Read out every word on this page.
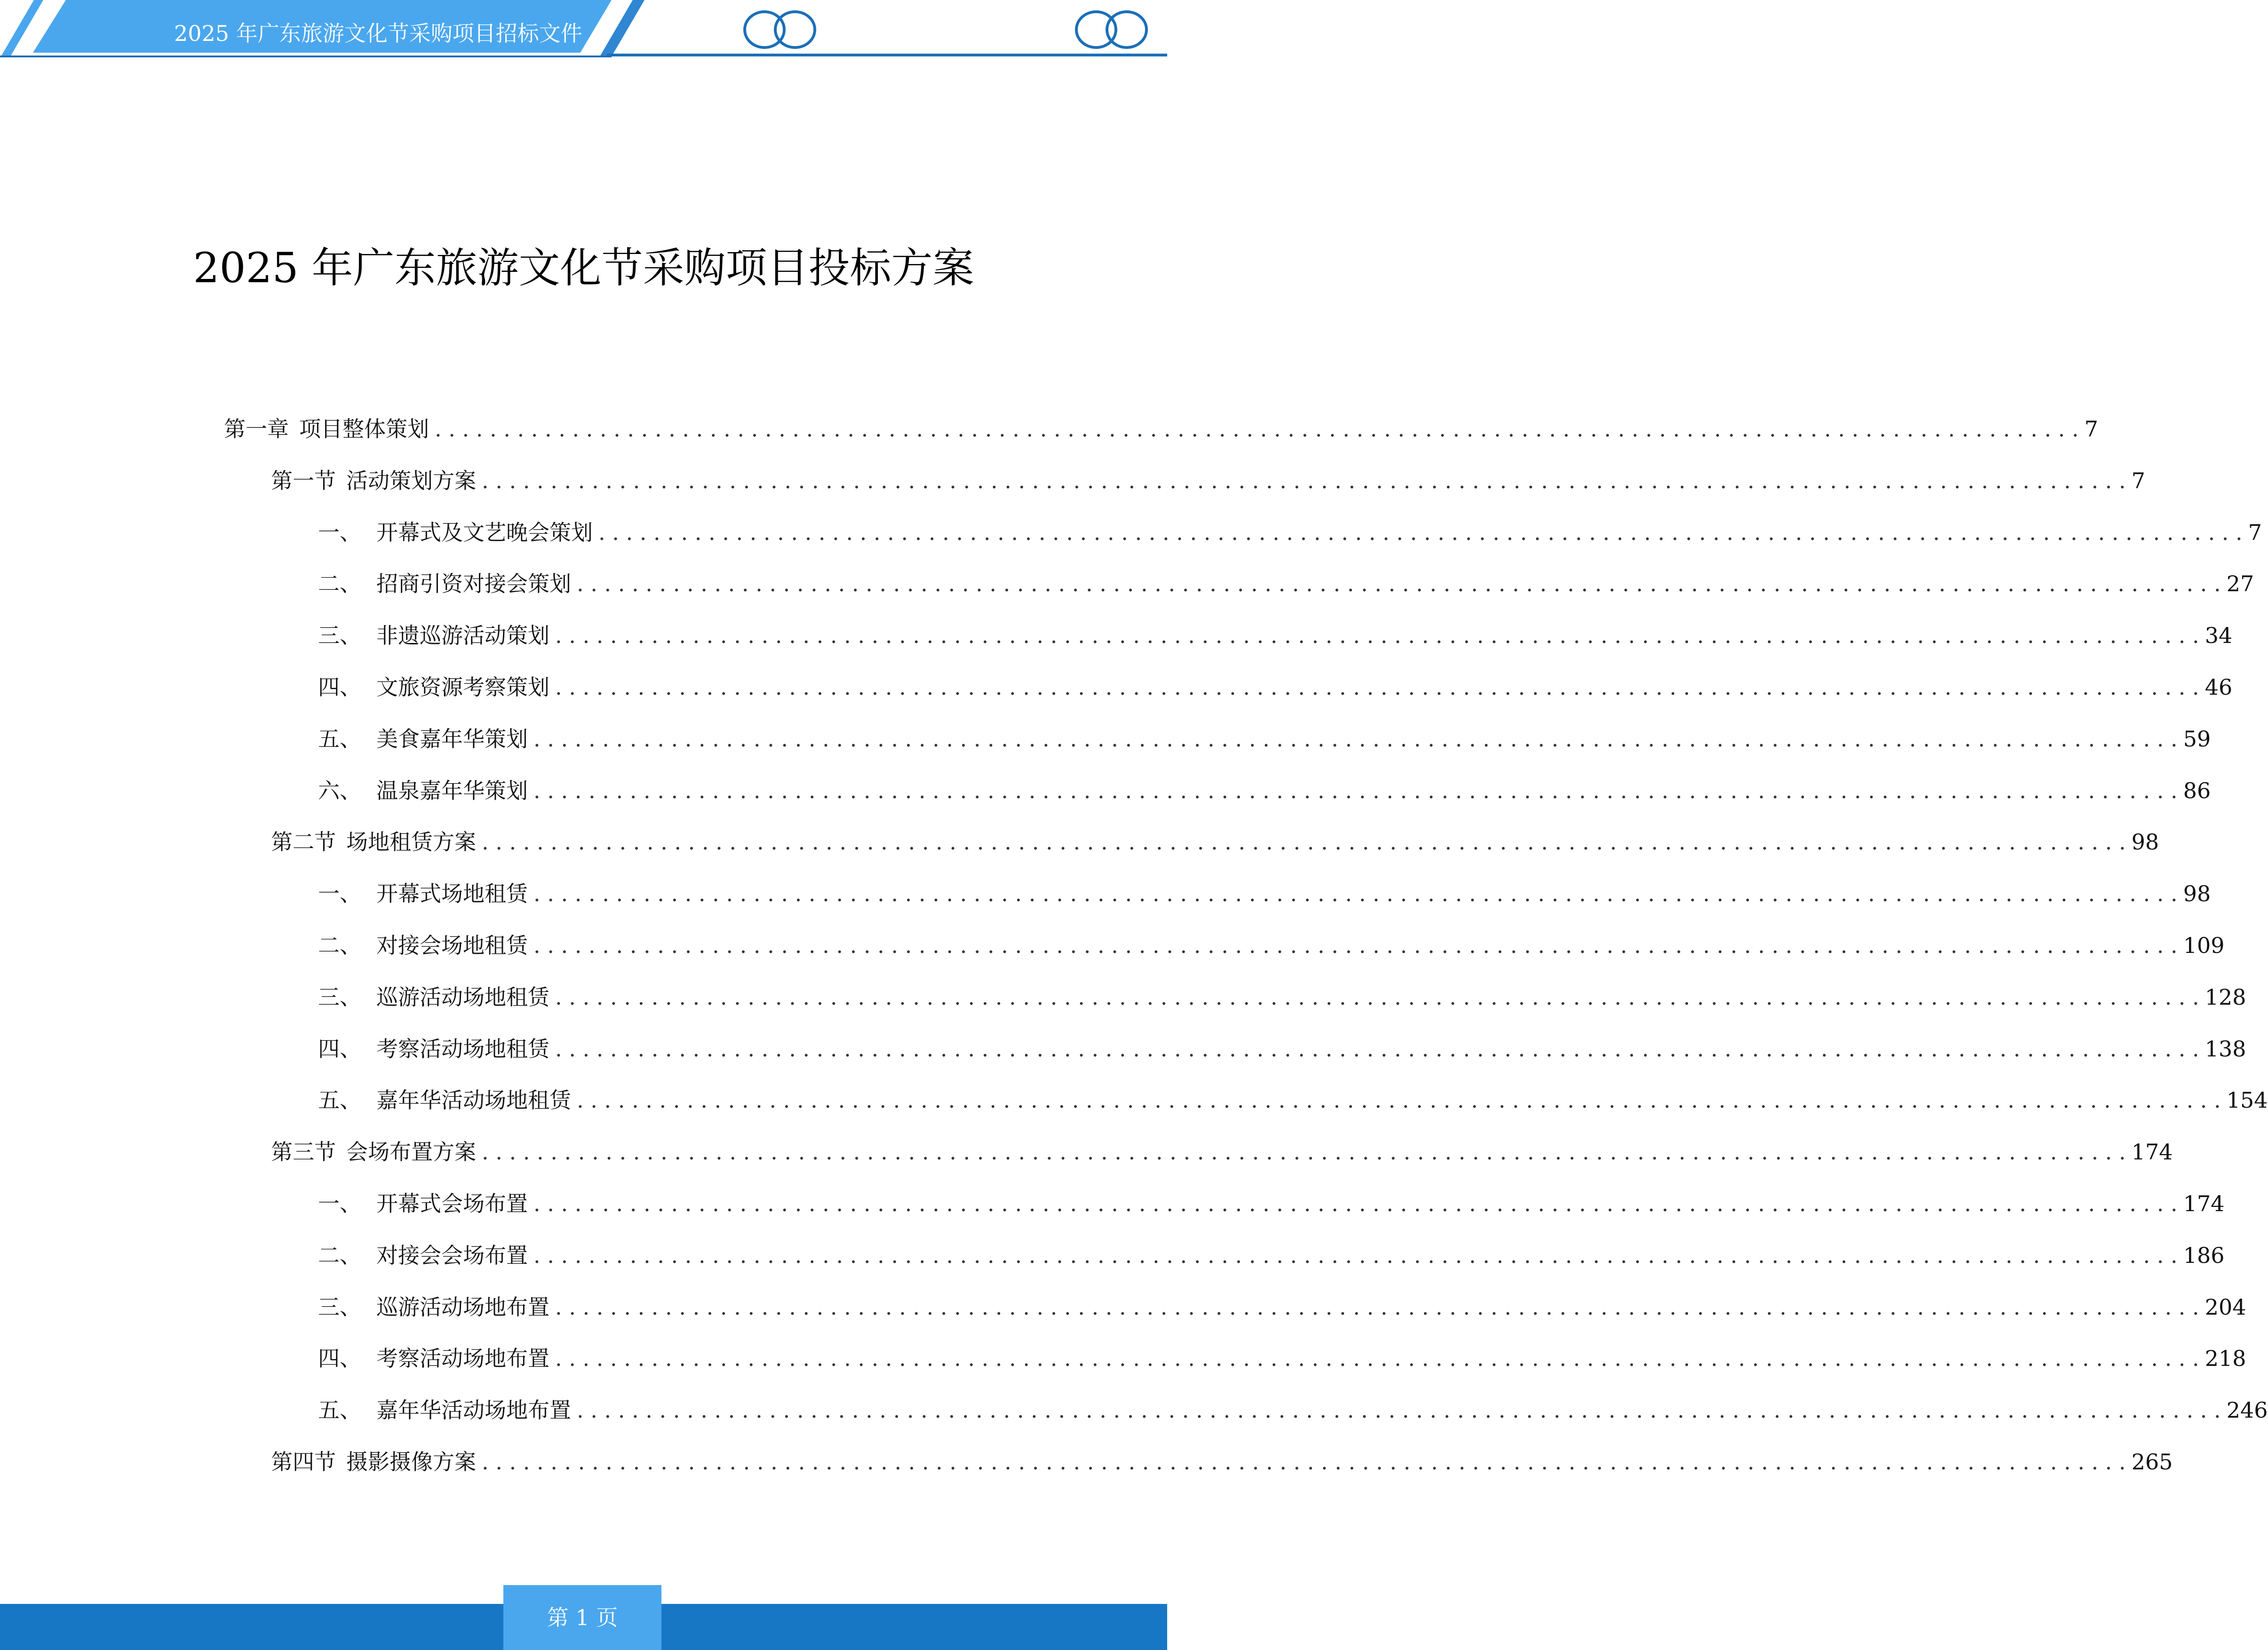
2025 年广东旅游文化节采购项目招标文件
2025 年广东旅游文化节采购项目投标方案
第一章 项目整体策划 . . . . . . . . . . . . . . . . . . . . . . . . . . . . . . . . . . . . . . . . . . . . . . . . . . . . . . . . . . . . . . . . . . . . . . . . . . . . . . . . . . . . . . . . . . . . . . . . . . . . . . . . . . . . . . . . . . . . . . . . 7
第一节 活动策划方案 . . . . . . . . . . . . . . . . . . . . . . . . . . . . . . . . . . . . . . . . . . . . . . . . . . . . . . . . . . . . . . . . . . . . . . . . . . . . . . . . . . . . . . . . . . . . . . . . . . . . . . . . . . . . . . . . . . . . . . . . 7
一、 开幕式及文艺晚会策划 . . . . . . . . . . . . . . . . . . . . . . . . . . . . . . . . . . . . . . . . . . . . . . . . . . . . . . . . . . . . . . . . . . . . . . . . . . . . . . . . . . . . . . . . . . . . . . . . . . . . . . . . . . . . . . . . . . . . . . . . 7
二、 招商引资对接会策划 . . . . . . . . . . . . . . . . . . . . . . . . . . . . . . . . . . . . . . . . . . . . . . . . . . . . . . . . . . . . . . . . . . . . . . . . . . . . . . . . . . . . . . . . . . . . . . . . . . . . . . . . . . . . . . . . . . . . . . . . 27
三、 非遗巡游活动策划 . . . . . . . . . . . . . . . . . . . . . . . . . . . . . . . . . . . . . . . . . . . . . . . . . . . . . . . . . . . . . . . . . . . . . . . . . . . . . . . . . . . . . . . . . . . . . . . . . . . . . . . . . . . . . . . . . . . . . . . . 34
四、 文旅资源考察策划 . . . . . . . . . . . . . . . . . . . . . . . . . . . . . . . . . . . . . . . . . . . . . . . . . . . . . . . . . . . . . . . . . . . . . . . . . . . . . . . . . . . . . . . . . . . . . . . . . . . . . . . . . . . . . . . . . . . . . . . . 46
五、 美食嘉年华策划 . . . . . . . . . . . . . . . . . . . . . . . . . . . . . . . . . . . . . . . . . . . . . . . . . . . . . . . . . . . . . . . . . . . . . . . . . . . . . . . . . . . . . . . . . . . . . . . . . . . . . . . . . . . . . . . . . . . . . . . . 59
六、 温泉嘉年华策划 . . . . . . . . . . . . . . . . . . . . . . . . . . . . . . . . . . . . . . . . . . . . . . . . . . . . . . . . . . . . . . . . . . . . . . . . . . . . . . . . . . . . . . . . . . . . . . . . . . . . . . . . . . . . . . . . . . . . . . . . 86
第二节 场地租赁方案 . . . . . . . . . . . . . . . . . . . . . . . . . . . . . . . . . . . . . . . . . . . . . . . . . . . . . . . . . . . . . . . . . . . . . . . . . . . . . . . . . . . . . . . . . . . . . . . . . . . . . . . . . . . . . . . . . . . . . . . . 98
一、 开幕式场地租赁 . . . . . . . . . . . . . . . . . . . . . . . . . . . . . . . . . . . . . . . . . . . . . . . . . . . . . . . . . . . . . . . . . . . . . . . . . . . . . . . . . . . . . . . . . . . . . . . . . . . . . . . . . . . . . . . . . . . . . . . . 98
二、 对接会场地租赁 . . . . . . . . . . . . . . . . . . . . . . . . . . . . . . . . . . . . . . . . . . . . . . . . . . . . . . . . . . . . . . . . . . . . . . . . . . . . . . . . . . . . . . . . . . . . . . . . . . . . . . . . . . . . . . . . . . . . . . . . 109
三、 巡游活动场地租赁 . . . . . . . . . . . . . . . . . . . . . . . . . . . . . . . . . . . . . . . . . . . . . . . . . . . . . . . . . . . . . . . . . . . . . . . . . . . . . . . . . . . . . . . . . . . . . . . . . . . . . . . . . . . . . . . . . . . . . . . . 128
四、 考察活动场地租赁 . . . . . . . . . . . . . . . . . . . . . . . . . . . . . . . . . . . . . . . . . . . . . . . . . . . . . . . . . . . . . . . . . . . . . . . . . . . . . . . . . . . . . . . . . . . . . . . . . . . . . . . . . . . . . . . . . . . . . . . . 138
五、 嘉年华活动场地租赁 . . . . . . . . . . . . . . . . . . . . . . . . . . . . . . . . . . . . . . . . . . . . . . . . . . . . . . . . . . . . . . . . . . . . . . . . . . . . . . . . . . . . . . . . . . . . . . . . . . . . . . . . . . . . . . . . . . . . . . . . 154
第三节 会场布置方案 . . . . . . . . . . . . . . . . . . . . . . . . . . . . . . . . . . . . . . . . . . . . . . . . . . . . . . . . . . . . . . . . . . . . . . . . . . . . . . . . . . . . . . . . . . . . . . . . . . . . . . . . . . . . . . . . . . . . . . . . 174
一、 开幕式会场布置 . . . . . . . . . . . . . . . . . . . . . . . . . . . . . . . . . . . . . . . . . . . . . . . . . . . . . . . . . . . . . . . . . . . . . . . . . . . . . . . . . . . . . . . . . . . . . . . . . . . . . . . . . . . . . . . . . . . . . . . . 174
二、 对接会会场布置 . . . . . . . . . . . . . . . . . . . . . . . . . . . . . . . . . . . . . . . . . . . . . . . . . . . . . . . . . . . . . . . . . . . . . . . . . . . . . . . . . . . . . . . . . . . . . . . . . . . . . . . . . . . . . . . . . . . . . . . . 186
三、 巡游活动场地布置 . . . . . . . . . . . . . . . . . . . . . . . . . . . . . . . . . . . . . . . . . . . . . . . . . . . . . . . . . . . . . . . . . . . . . . . . . . . . . . . . . . . . . . . . . . . . . . . . . . . . . . . . . . . . . . . . . . . . . . . . 204
四、 考察活动场地布置 . . . . . . . . . . . . . . . . . . . . . . . . . . . . . . . . . . . . . . . . . . . . . . . . . . . . . . . . . . . . . . . . . . . . . . . . . . . . . . . . . . . . . . . . . . . . . . . . . . . . . . . . . . . . . . . . . . . . . . . . 218
五、 嘉年华活动场地布置 . . . . . . . . . . . . . . . . . . . . . . . . . . . . . . . . . . . . . . . . . . . . . . . . . . . . . . . . . . . . . . . . . . . . . . . . . . . . . . . . . . . . . . . . . . . . . . . . . . . . . . . . . . . . . . . . . . . . . . . . 246
第四节 摄影摄像方案 . . . . . . . . . . . . . . . . . . . . . . . . . . . . . . . . . . . . . . . . . . . . . . . . . . . . . . . . . . . . . . . . . . . . . . . . . . . . . . . . . . . . . . . . . . . . . . . . . . . . . . . . . . . . . . . . . . . . . . . . 265
第 1 页
